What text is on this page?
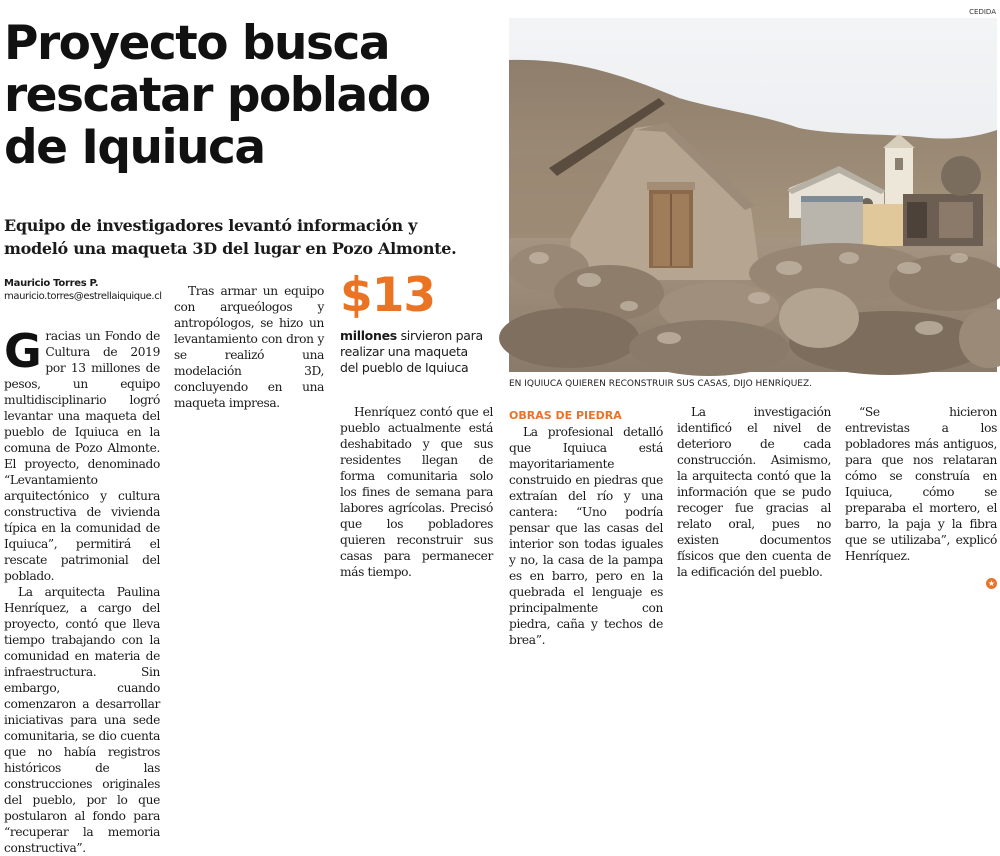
CEDIDA
Proyecto busca
rescatar poblado
de Iquiuca
Equipo de investigadores levantó información y
modeló una maqueta 3D del lugar en Pozo Almonte.
Mauricio Torres P.
mauricio.torres@estrellaiquique.cl

Gracias un Fondo de Cultura de 2019 por 13 millones de pesos, un equipo multidisciplinario logró levantar una maqueta del pueblo de Iquiuca en la comuna de Pozo Almonte. El proyecto, denominado “Levantamiento arquitectónico y cultura constructiva de vivienda típica en la comunidad de Iquiuca”, permitirá el rescate patrimonial del poblado.

La arquitecta Paulina Henríquez, a cargo del proyecto, contó que lleva tiempo trabajando con la comunidad en materia de infraestructura. Sin embargo, cuando comenzaron a desarrollar iniciativas para una sede comunitaria, se dio cuenta que no había registros históricos de las construcciones originales del pueblo, por lo que postularon al fondo para “recuperar la memoria constructiva”.

Tras armar un equipo con arqueólogos y antropólogos, se hizo un levantamiento con dron y se realizó una modelación 3D, concluyendo en una maqueta impresa.

$13
millones sirvieron para
realizar una maqueta
del pueblo de Iquiuca

Henríquez contó que el pueblo actualmente está deshabitado y que sus residentes llegan de forma comunitaria solo los fines de semana para labores agrícolas. Precisó que los pobladores quieren reconstruir sus casas para permanecer más tiempo.

OBRAS DE PIEDRA

La profesional detalló que Iquiuca está mayoritariamente construido en piedras que extraían del río y una cantera: “Uno podría pensar que las casas del interior son todas iguales y no, la casa de la pampa es en barro, pero en la quebrada el lenguaje es principalmente con piedra, caña y techos de brea”.

La investigación identificó el nivel de deterioro de cada construcción. Asimismo, la arquitecta contó que la información que se pudo recoger fue gracias al relato oral, pues no existen documentos físicos que den cuenta de la edificación del pueblo.

“Se hicieron entrevistas a los pobladores más antiguos, para que nos relataran cómo se construía en Iquiuca, cómo se preparaba el mortero, el barro, la paja y la fibra que se utilizaba”, explicó Henríquez.

EN IQUIUCA QUIEREN RECONSTRUIR SUS CASAS, DIJO HENRÍQUEZ.
★
